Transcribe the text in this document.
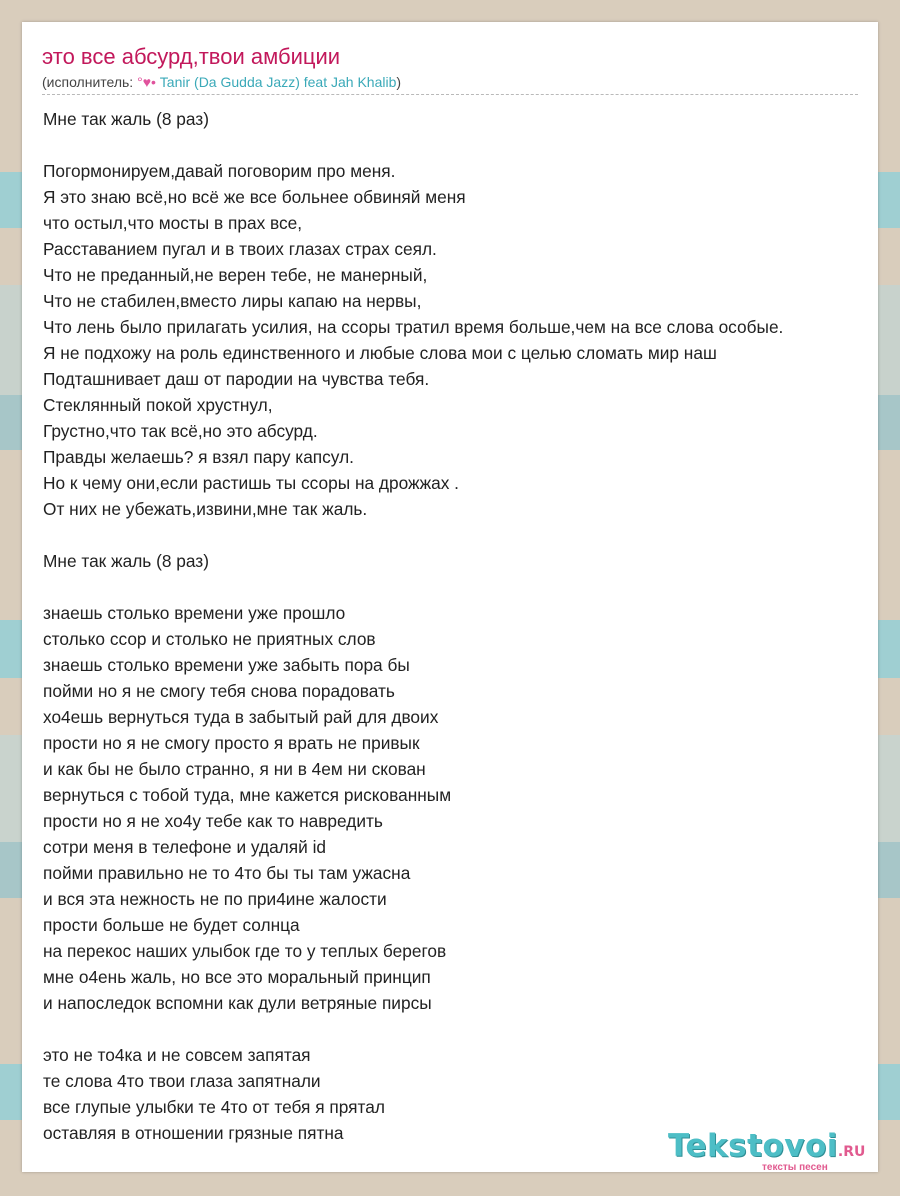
это все абсурд,твои амбиции
(исполнитель: °♥• Tanir (Da Gudda Jazz) feat Jah Khalib)
Мне так жаль (8 раз)
Погормонируем,давай поговорим про меня.
Я это знаю всё,но всё же все больнее обвиняй меня
что остыл,что мосты в прах все,
Расставанием пугал и в твоих глазах страх сеял.
Что не преданный,не верен тебе, не манерный,
Что не стабилен,вместо лиры капаю на нервы,
Что лень было прилагать усилия, на ссоры тратил время больше,чем на все слова особые.
Я не подхожу на роль единственного и любые слова мои с целью сломать мир наш
Подташнивает даш от пародии на чувства тебя.
Стеклянный покой хрустнул,
Грустно,что так всё,но это абсурд.
Правды желаешь? я взял пару капсул.
Но к чему они,если растишь ты ссоры на дрожжах .
От них не убежать,извини,мне так жаль.
Мне так жаль (8 раз)
знаешь столько времени уже прошло
столько ссор и столько не приятных слов
знаешь столько времени уже забыть пора бы
пойми но я не смогу тебя снова порадовать
хо4ешь вернуться туда в забытый рай для двоих
прости но я не смогу просто я врать не привык
и как бы не было странно, я ни в 4ем ни скован
вернуться с тобой туда, мне кажется рискованным
прости но я не хо4у тебе как то навредить
сотри меня в телефоне и удаляй id
пойми правильно не то 4то бы ты там ужасна
и вся эта нежность не по при4ине жалости
прости больше не будет солнца
на перекос наших улыбок где то у теплых берегов
мне о4ень жаль, но все это моральный принцип
и напоследок вспомни как дули ветряные пирсы
это не то4ка и не совсем запятая
те слова 4то твои глаза запятнали
все глупые улыбки те 4то от тебя я прятал
оставляя в отношении грязные пятна	Tekstovoi.RU
тексты песен
